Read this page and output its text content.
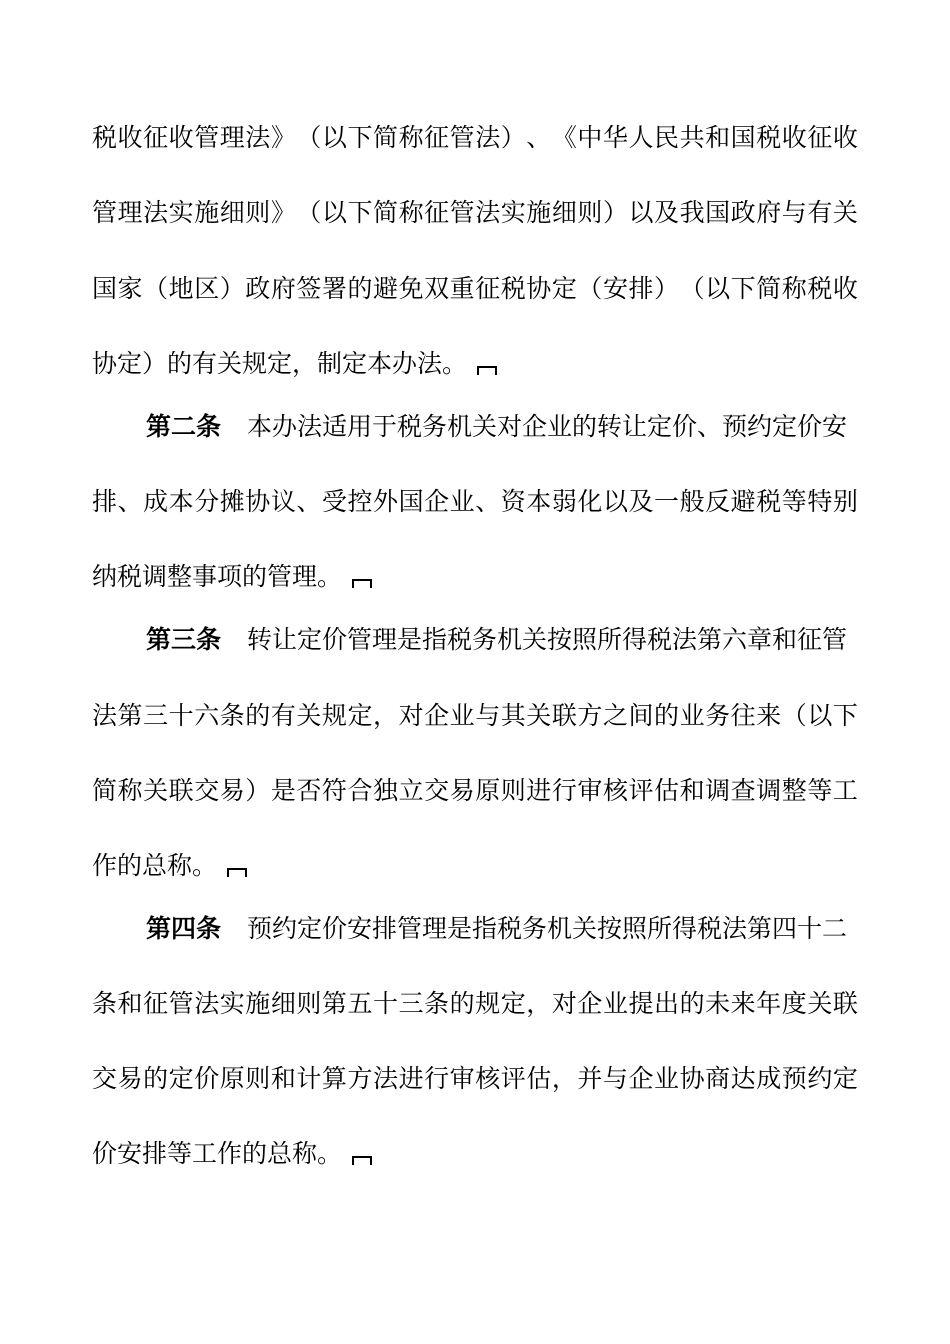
税 收 征 收 管 理 法 》 （ 以 下 简 称 征 管 法 ） 、 《 中 华 人 民 共 和 国 税 收 征 收
管 理 法 实 施 细 则 》 （ 以 下 简 称 征 管 法 实 施 细 则 ） 以 及 我 国 政 府 与 有 关
国 家 （ 地 区 ） 政 府 签 署 的 避 免 双 重 征 税 协 定 （ 安 排 ） （ 以 下 简 称 税 收
协定）的有关规定，制定本办法。
第二条 本办法适用于税务机关对企业的转让定价、预约定价安
排 、 成 本 分 摊 协 议 、 受 控 外 国 企 业 、 资 本 弱 化 以 及 一 般 反 避 税 等 特 别
纳税调整事项的管理。
第三条 转让定价管理是指税务机关按照所得税法第六章和征管
法 第 三 十 六 条 的 有 关 规 定 ， 对 企 业 与 其 关 联 方 之 间 的 业 务 往 来 （ 以 下
简 称 关 联 交 易 ） 是 否 符 合 独 立 交 易 原 则 进 行 审 核 评 估 和 调 查 调 整 等 工
作的总称。
第四条 预约定价安排管理是指税务机关按照所得税法第四十二
条 和 征 管 法 实 施 细 则 第 五 十 三 条 的 规 定 ， 对 企 业 提 出 的 未 来 年 度 关 联
交 易 的 定 价 原 则 和 计 算 方 法 进 行 审 核 评 估 ， 并 与 企 业 协 商 达 成 预 约 定
价安排等工作的总称。
